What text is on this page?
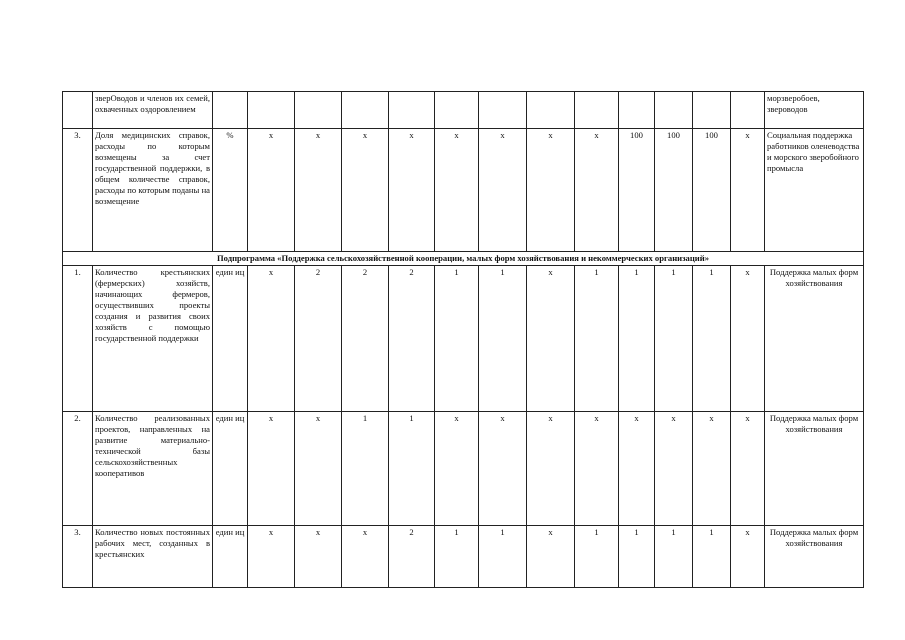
	зверОводов и членов их семей, охваченных оздоровлением														морзверобоев, звероводов
3.	Доля медицинских справок, расходы по которым возмещены за счет государственной поддержки, в общем количестве справок, расходы по которым поданы на возмещение	%	х	х	х	х	х	х	х	х	100	100	100	х	Социальная поддержка работников оленеводства и морского зверобойного промысла
Подпрограмма «Поддержка сельскохозяйственной кооперации, малых форм хозяйствования и некоммерческих организаций»															
1.	Количество крестьянских (фермерских) хозяйств, начинающих фермеров, осуществивших проекты создания и развития своих хозяйств с помощью государственной поддержки	един иц	х	2	2	2	1	1	х	1	1	1	1	х	Поддержка малых форм хозяйствования
2.	Количество реализованных проектов, направленных на развитие материально-технической базы сельскохозяйственных кооперативов	един иц	х	х	1	1	х	х	х	х	х	х	х	х	Поддержка малых форм хозяйствования
3.	Количество новых постоянных рабочих мест, созданных в крестьянских	един иц	х	х	х	2	1	1	х	1	1	1	1	х	Поддержка малых форм хозяйствования
